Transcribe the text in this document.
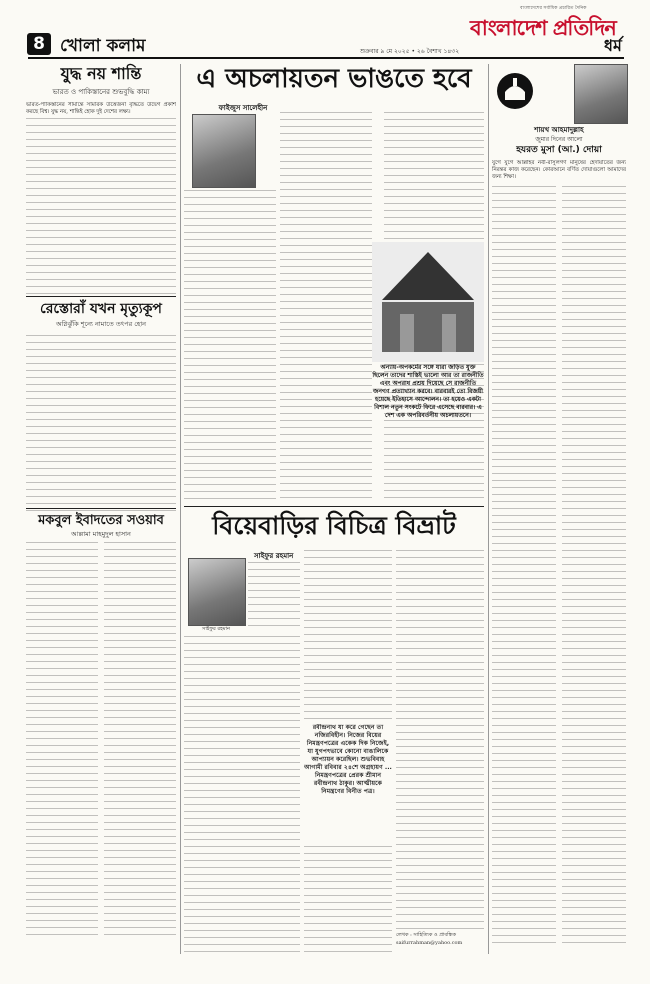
8 খোলা কলাম	শুক্রবার ৯ মে ২০২৫ • ২৬ বৈশাখ ১৪৩২
বাংলাদেশের সর্বাধিক প্রচারিত দৈনিক
বাংলাদেশ প্রতিদিন
ধর্ম
যুদ্ধ নয় শান্তি
ভারত ও পাকিস্তানের শুভবুদ্ধি কাম্য
ভারত-পাকিস্তানের সীমান্তে সামরিক উত্তেজনা বৃদ্ধিতে উদ্বেগ প্রকাশ করছে বিশ্ব। যুদ্ধ নয়, শান্তিই হোক দুই দেশের লক্ষ্য।
রেস্তোরাঁ যখন মৃত্যুকূপ
অগ্নিঝুঁকি শূন্যে নামাতে তৎপর হোন
মকবুল ইবাদতের সওয়াব
আল্লামা মাহমুদুল হাসান
এ অচলায়তন ভাঙতে হবে
ফাইজুস সালেহীন
অন্যায়-অপকর্মের সঙ্গে যারা জড়িত যুক্ত ছিলেন তাদের শাস্তিই ভালো আর তা রাজনীতি এবং অপরাধ প্রশ্রয় দিয়েছে সে রাজনীতি জনগণ প্রত্যাখ্যান করবে। বারবারই তো বিজয়ী হয়েছে ইতিহাসে আন্দোলন। তা হয়েও একটা বিশাল নতুন সংকটে ফিরে এসেছে বারবার। এ দেশ এক অপরিবর্তনীয় অচলায়তনে।
বিয়েবাড়ির বিচিত্র বিভ্রাট
সাইফুর রহমান
সাইফুর রহমান
রবীন্দ্রনাথ যা করে গেছেন তা নজিরবিহীন। নিজের বিয়ের নিমন্ত্রণপত্রের একেক দিক নিজেই, যা যুগপৎভাবে কোনো বাঙালিকে আপ্যায়ন করেছিল। শুভবিবাহ আগামী রবিবার ২৪শে অগ্রহায়ণ ... নিমন্ত্রণপত্রের প্রেরক শ্রীমান রবীন্দ্রনাথ ঠাকুর। আত্মীয়কে নিমন্ত্রণের বিনীত পত্র।
লেখক : সাহিত্যিক ও প্রাবন্ধিক
saifurrahman@yahoo.com
শায়খ আহমাদুল্লাহ
জুমার দিনের আলো
হযরত মুসা (আ.) দোয়া
যুগে যুগে আল্লাহর নবী-রাসুলগণ মানুষের হেদায়াতের জন্য নিরন্তর কাজ করেছেন। কোরআনে বর্ণিত দোয়াগুলো আমাদের জন্য শিক্ষা।
